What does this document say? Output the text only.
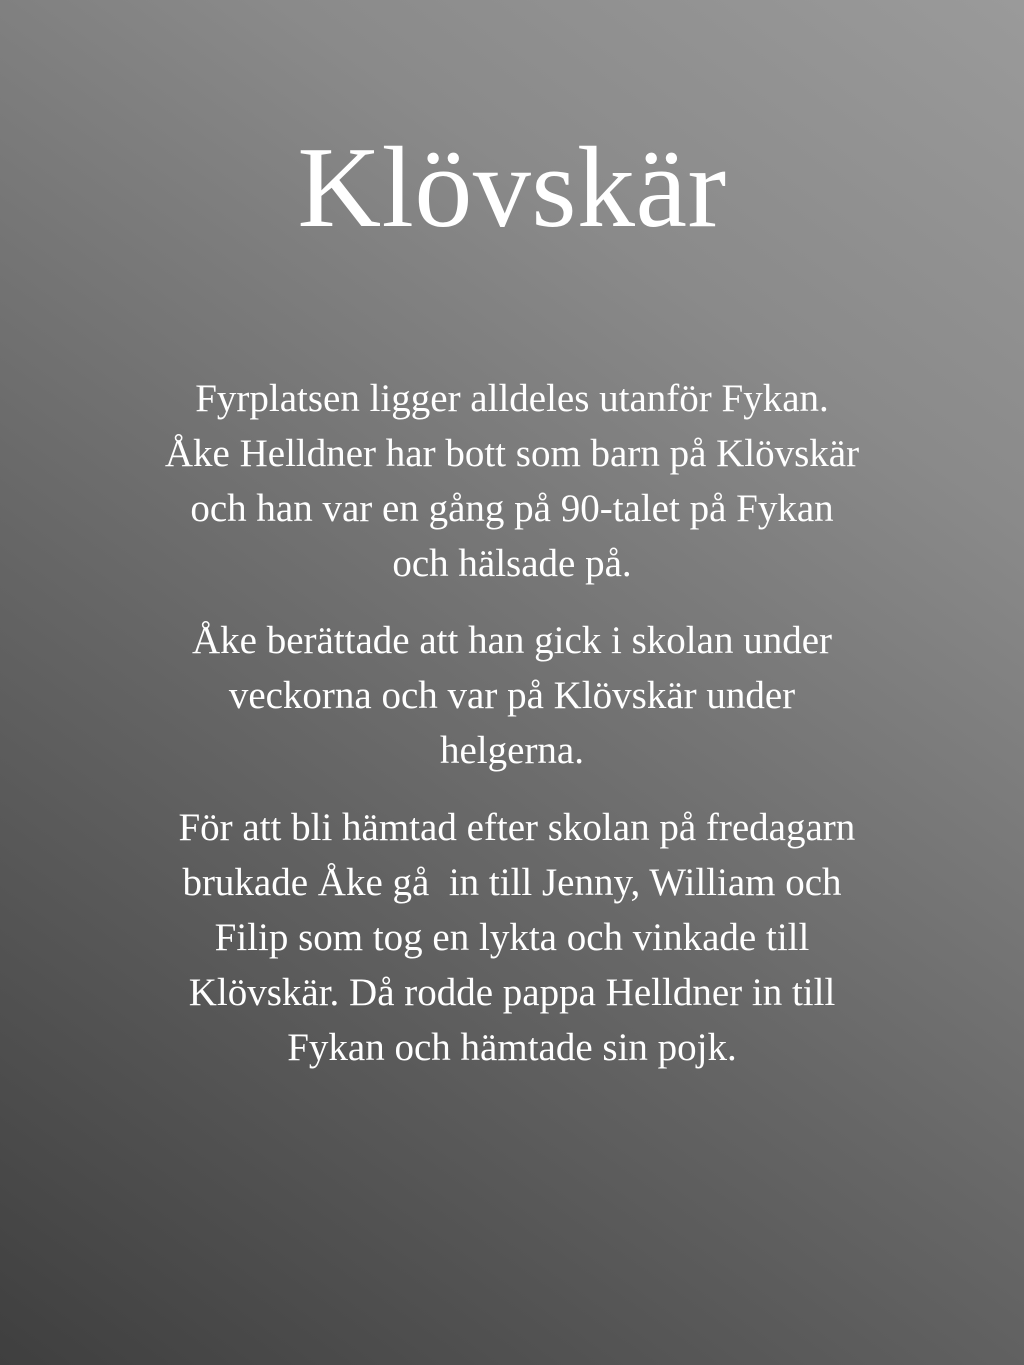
Klövskär

Fyrplatsen ligger alldeles utanför Fykan.
Åke Helldner har bott som barn på Klövskär
och han var en gång på 90-talet på Fykan
och hälsade på.

Åke berättade att han gick i skolan under
veckorna och var på Klövskär under
helgerna.

För att bli hämtad efter skolan på fredagarn
brukade Åke gå  in till Jenny, William och
Filip som tog en lykta och vinkade till
Klövskär. Då rodde pappa Helldner in till
Fykan och hämtade sin pojk.
